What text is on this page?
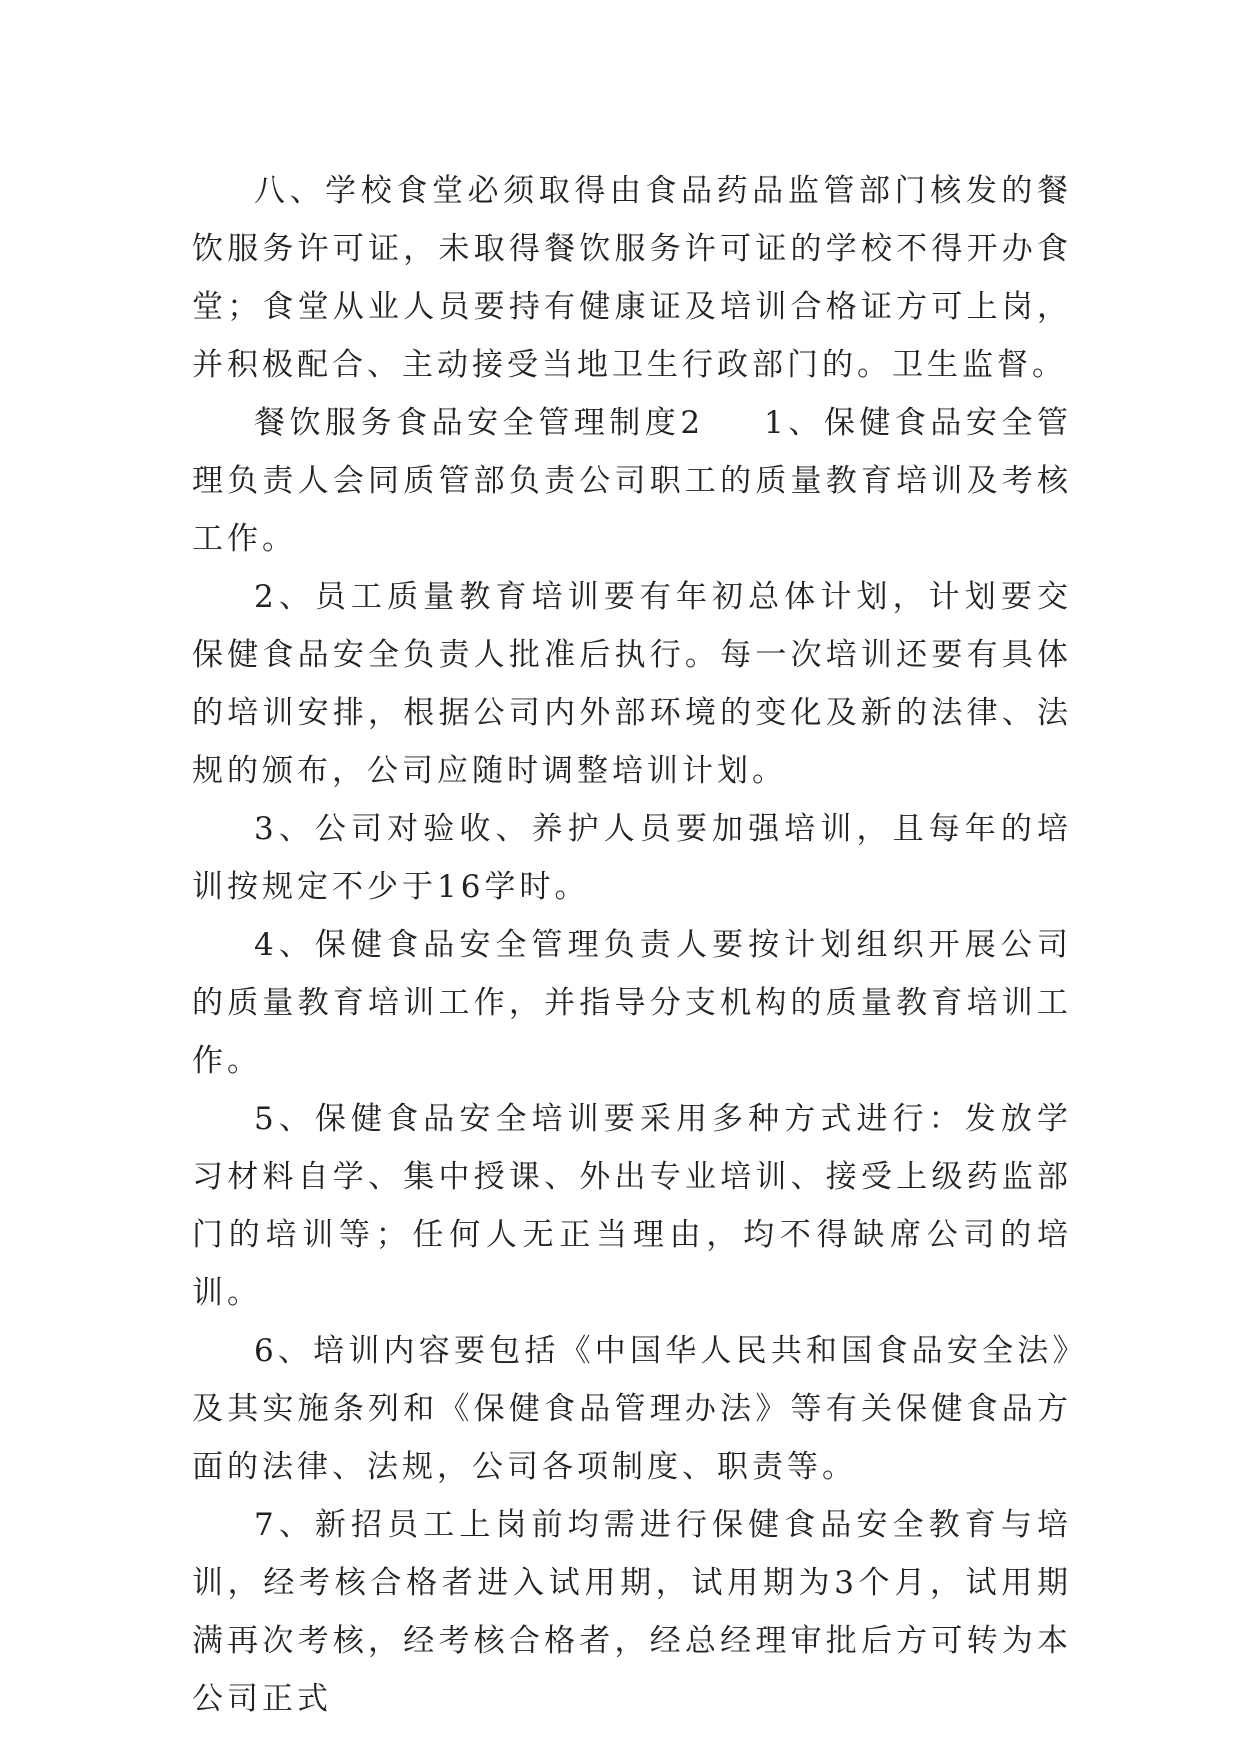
八、学校食堂必须取得由食品药品监管部门核发的餐饮服务许可证，未取得餐饮服务许可证的学校不得开办食堂；食堂从业人员要持有健康证及培训合格证方可上岗，并积极配合、主动接受当地卫生行政部门的。卫生监督。

餐饮服务食品安全管理制度2 1、保健食品安全管理负责人会同质管部负责公司职工的质量教育培训及考核工作。

2、员工质量教育培训要有年初总体计划，计划要交保健食品安全负责人批准后执行。每一次培训还要有具体的培训安排，根据公司内外部环境的变化及新的法律、法规的颁布，公司应随时调整培训计划。

3、公司对验收、养护人员要加强培训，且每年的培训按规定不少于16学时。

4、保健食品安全管理负责人要按计划组织开展公司的质量教育培训工作，并指导分支机构的质量教育培训工作。

5、保健食品安全培训要采用多种方式进行：发放学习材料自学、集中授课、外出专业培训、接受上级药监部门的培训等；任何人无正当理由，均不得缺席公司的培训。

6、培训内容要包括《中国华人民共和国食品安全法》及其实施条列和《保健食品管理办法》等有关保健食品方面的法律、法规，公司各项制度、职责等。

7、新招员工上岗前均需进行保健食品安全教育与培训，经考核合格者进入试用期，试用期为3个月，试用期满再次考核，经考核合格者，经总经理审批后方可转为本公司正式
